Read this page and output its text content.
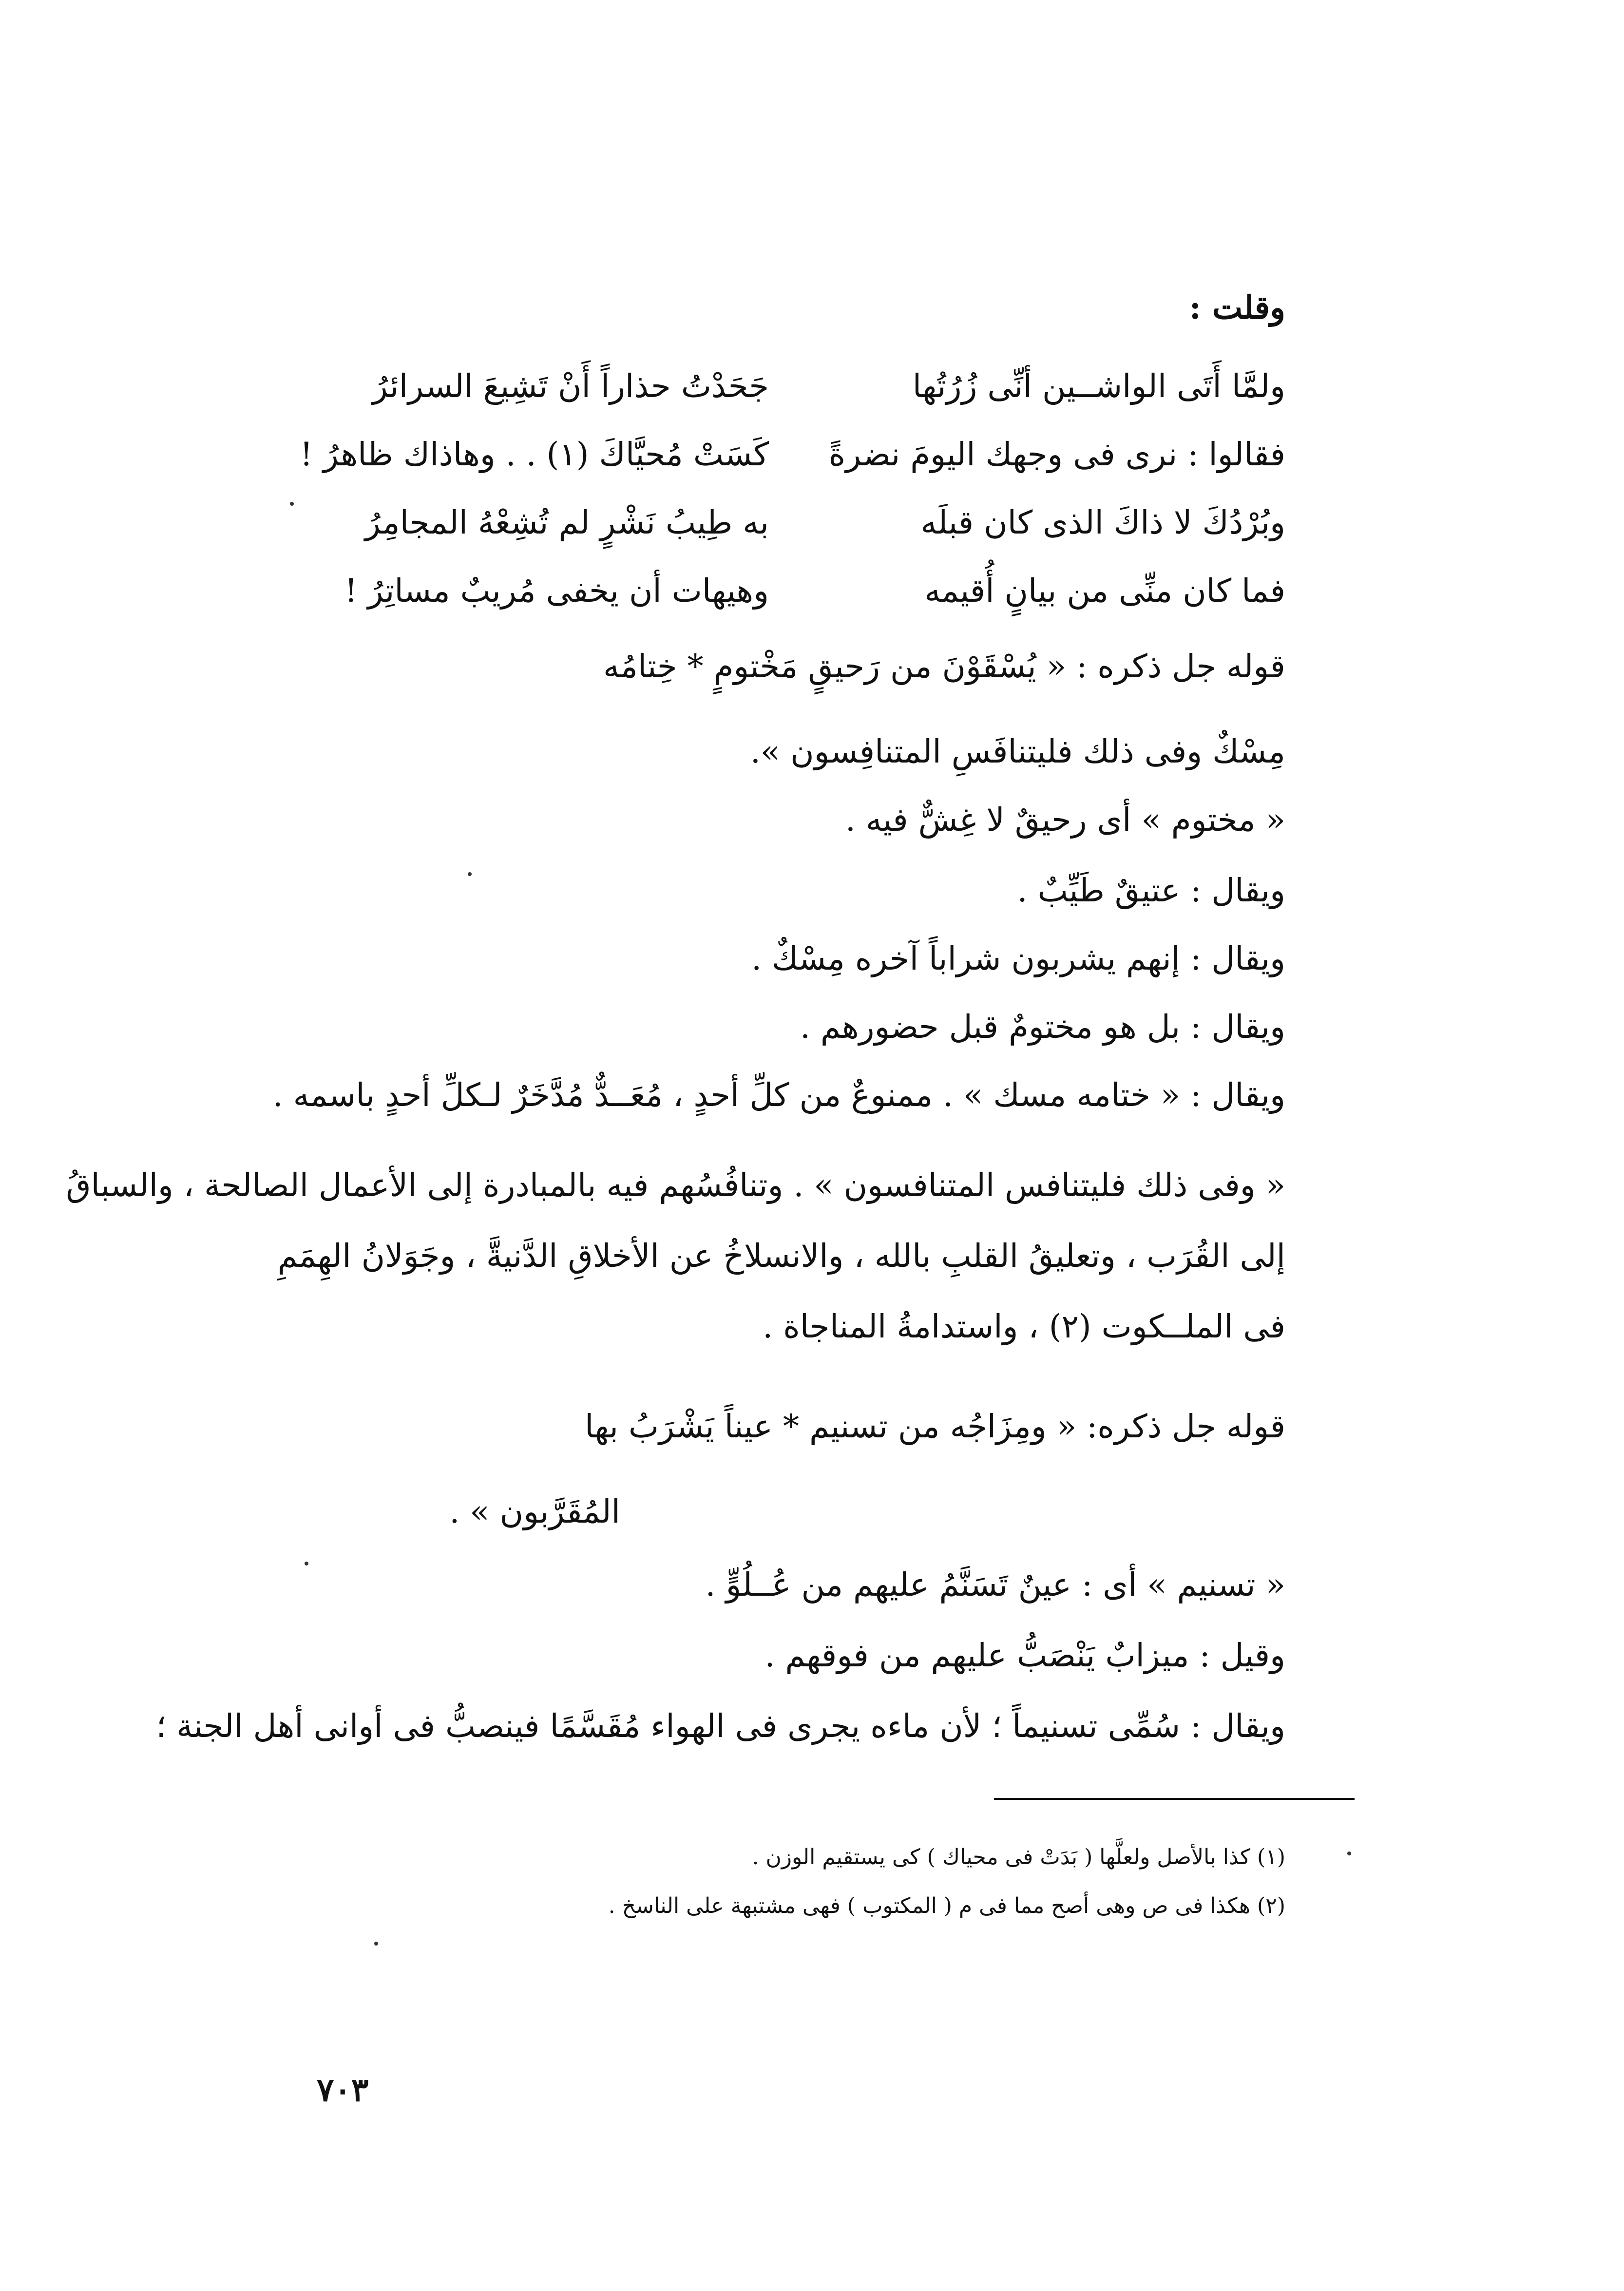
وقلت :
ولمَّا أَتَى الواشــين أنِّى زُرُتُها
جَحَدْتُ حذاراً أَنْ تَشِيعَ السرائرُ
فقالوا : نرى فى وجهك اليومَ نضرةً
كَسَتْ مُحيَّاكَ (١) . . وهاذاك ظاهرُ !
وبُرْدُكَ لا ذاكَ الذى كان قبلَه
به طِيبُ نَشْرٍ لم تُشِعْهُ المجامِرُ
فما كان منِّى من بيانٍ أُقيمه
وهيهات أن يخفى مُريبٌ مساتِرُ !
قوله جل ذكره : « يُسْقَوْنَ من رَحيقٍ مَخْتومٍ * خِتامُه
مِسْكٌ وفى ذلك فليتنافَسِ المتنافِسون ».
« مختوم » أى رحيقٌ لا غِشٌّ فيه .
ويقال : عتيقٌ طَيِّبٌ .
ويقال : إنهم يشربون شراباً آخره مِسْكٌ .
ويقال : بل هو مختومٌ قبل حضورهم .
ويقال : « ختامه مسك » . ممنوعٌ من كلِّ أحدٍ ، مُعَــدٌّ مُدَّخَرٌ لـكلِّ أحدٍ باسمه .
« وفى ذلك فليتنافس المتنافسون » . وتنافُسُهم فيه بالمبادرة إلى الأعمال الصالحة ، والسباقُ
إلى القُرَب ، وتعليقُ القلبِ بالله ، والانسلاخُ عن الأخلاقِ الدَّنيةَّ ، وجَوَلانُ الهِمَمِ
فى الملــكوت (٢) ، واستدامةُ المناجاة .
قوله جل ذكره: « ومِزَاجُه من تسنيم * عيناً يَشْرَبُ بها
المُقَرَّبون » .
« تسنيم » أى : عينٌ تَسَنَّمُ عليهم من عُــلُوٍّ .
وقيل : ميزابٌ يَنْصَبُّ عليهم من فوقهم .
ويقال : سُمِّى تسنيماً ؛ لأن ماءه يجرى فى الهواء مُقَسَّمًا فينصبُّ فى أوانى أهل الجنة ؛
(١) كذا بالأصل ولعلَّها ( بَدَتْ فى محياك ) كى يستقيم الوزن .
(٢) هكذا فى ص وهى أصح مما فى م ( المكتوب ) فهى مشتبهة على الناسخ .
٧٠٣
